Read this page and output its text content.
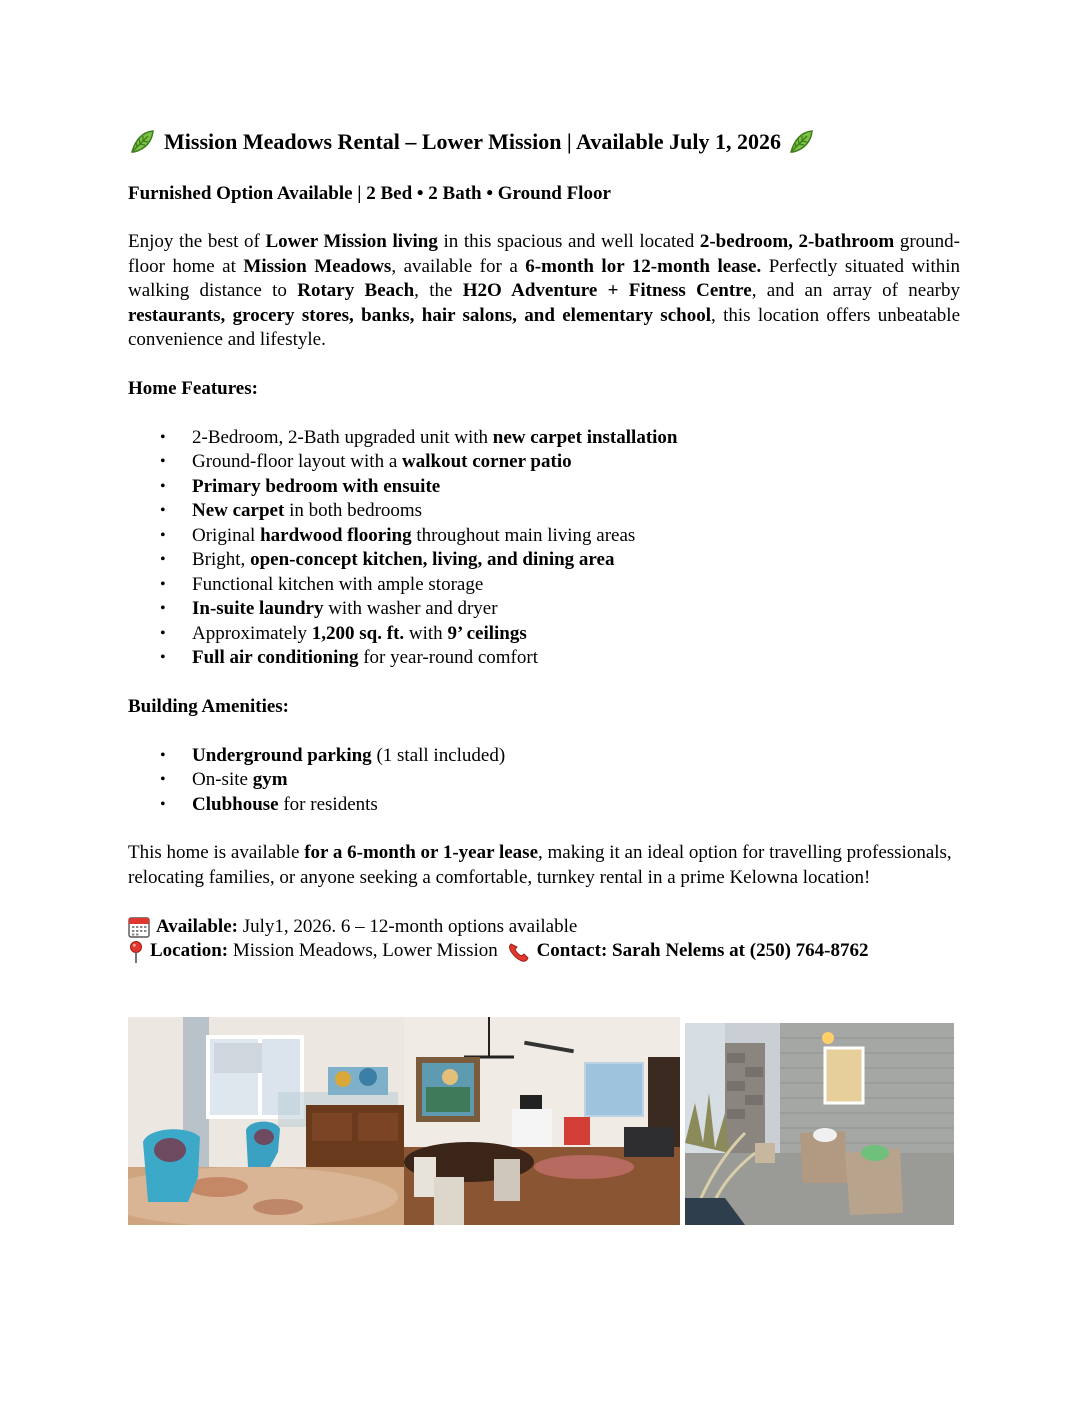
Mission Meadows Rental – Lower Mission | Available July 1, 2026
Furnished Option Available | 2 Bed • 2 Bath • Ground Floor
Enjoy the best of Lower Mission living in this spacious and well located 2-bedroom, 2-bathroom ground-floor home at Mission Meadows, available for a 6-month lor 12-month lease. Perfectly situated within walking distance to Rotary Beach, the H2O Adventure + Fitness Centre, and an array of nearby restaurants, grocery stores, banks, hair salons, and elementary school, this location offers unbeatable convenience and lifestyle.
Home Features:
• 2-Bedroom, 2-Bath upgraded unit with new carpet installation
• Ground-floor layout with a walkout corner patio
• Primary bedroom with ensuite
• New carpet in both bedrooms
• Original hardwood flooring throughout main living areas
• Bright, open-concept kitchen, living, and dining area
• Functional kitchen with ample storage
• In-suite laundry with washer and dryer
• Approximately 1,200 sq. ft. with 9’ ceilings
• Full air conditioning for year-round comfort
Building Amenities:
• Underground parking (1 stall included)
• On-site gym
• Clubhouse for residents
This home is available for a 6-month or 1-year lease, making it an ideal option for travelling professionals, relocating families, or anyone seeking a comfortable, turnkey rental in a prime Kelowna location!
Available: July1, 2026. 6 – 12-month options available
Location: Mission Meadows, Lower Mission Contact: Sarah Nelems at (250) 764-8762
